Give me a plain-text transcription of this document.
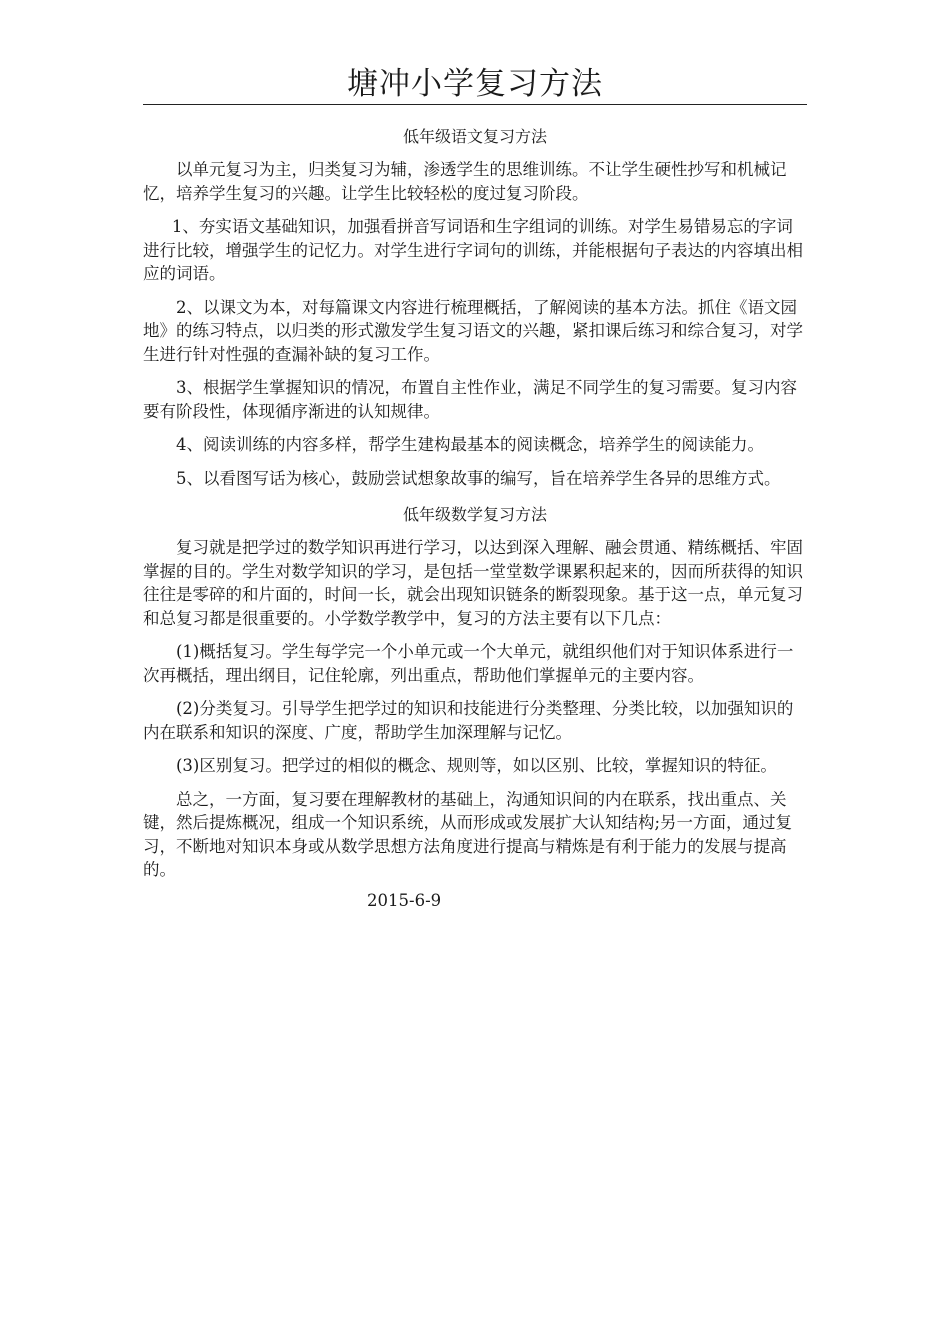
塘冲小学复习方法
低年级语文复习方法

以单元复习为主，归类复习为辅，渗透学生的思维训练。不让学生硬性抄写和机械记忆，培养学生复习的兴趣。让学生比较轻松的度过复习阶段。

1、夯实语文基础知识，加强看拼音写词语和生字组词的训练。对学生易错易忘的字词进行比较，增强学生的记忆力。对学生进行字词句的训练，并能根据句子表达的内容填出相应的词语。

2、以课文为本，对每篇课文内容进行梳理概括，了解阅读的基本方法。抓住《语文园地》的练习特点，以归类的形式激发学生复习语文的兴趣，紧扣课后练习和综合复习，对学生进行针对性强的查漏补缺的复习工作。

3、根据学生掌握知识的情况，布置自主性作业，满足不同学生的复习需要。复习内容要有阶段性，体现循序渐进的认知规律。

4、阅读训练的内容多样，帮学生建构最基本的阅读概念，培养学生的阅读能力。

5、以看图写话为核心，鼓励尝试想象故事的编写，旨在培养学生各异的思维方式。

低年级数学复习方法

复习就是把学过的数学知识再进行学习，以达到深入理解、融会贯通、精练概括、牢固掌握的目的。学生对数学知识的学习，是包括一堂堂数学课累积起来的，因而所获得的知识往往是零碎的和片面的，时间一长，就会出现知识链条的断裂现象。基于这一点，单元复习和总复习都是很重要的。小学数学教学中，复习的方法主要有以下几点：

(1)概括复习。学生每学完一个小单元或一个大单元，就组织他们对于知识体系进行一次再概括，理出纲目，记住轮廓，列出重点，帮助他们掌握单元的主要内容。

(2)分类复习。引导学生把学过的知识和技能进行分类整理、分类比较，以加强知识的内在联系和知识的深度、广度，帮助学生加深理解与记忆。

(3)区别复习。把学过的相似的概念、规则等，如以区别、比较，掌握知识的特征。

总之，一方面，复习要在理解教材的基础上，沟通知识间的内在联系，找出重点、关键，然后提炼概况，组成一个知识系统，从而形成或发展扩大认知结构;另一方面，通过复习，不断地对知识本身或从数学思想方法角度进行提高与精炼是有利于能力的发展与提高的。

2015-6-9
